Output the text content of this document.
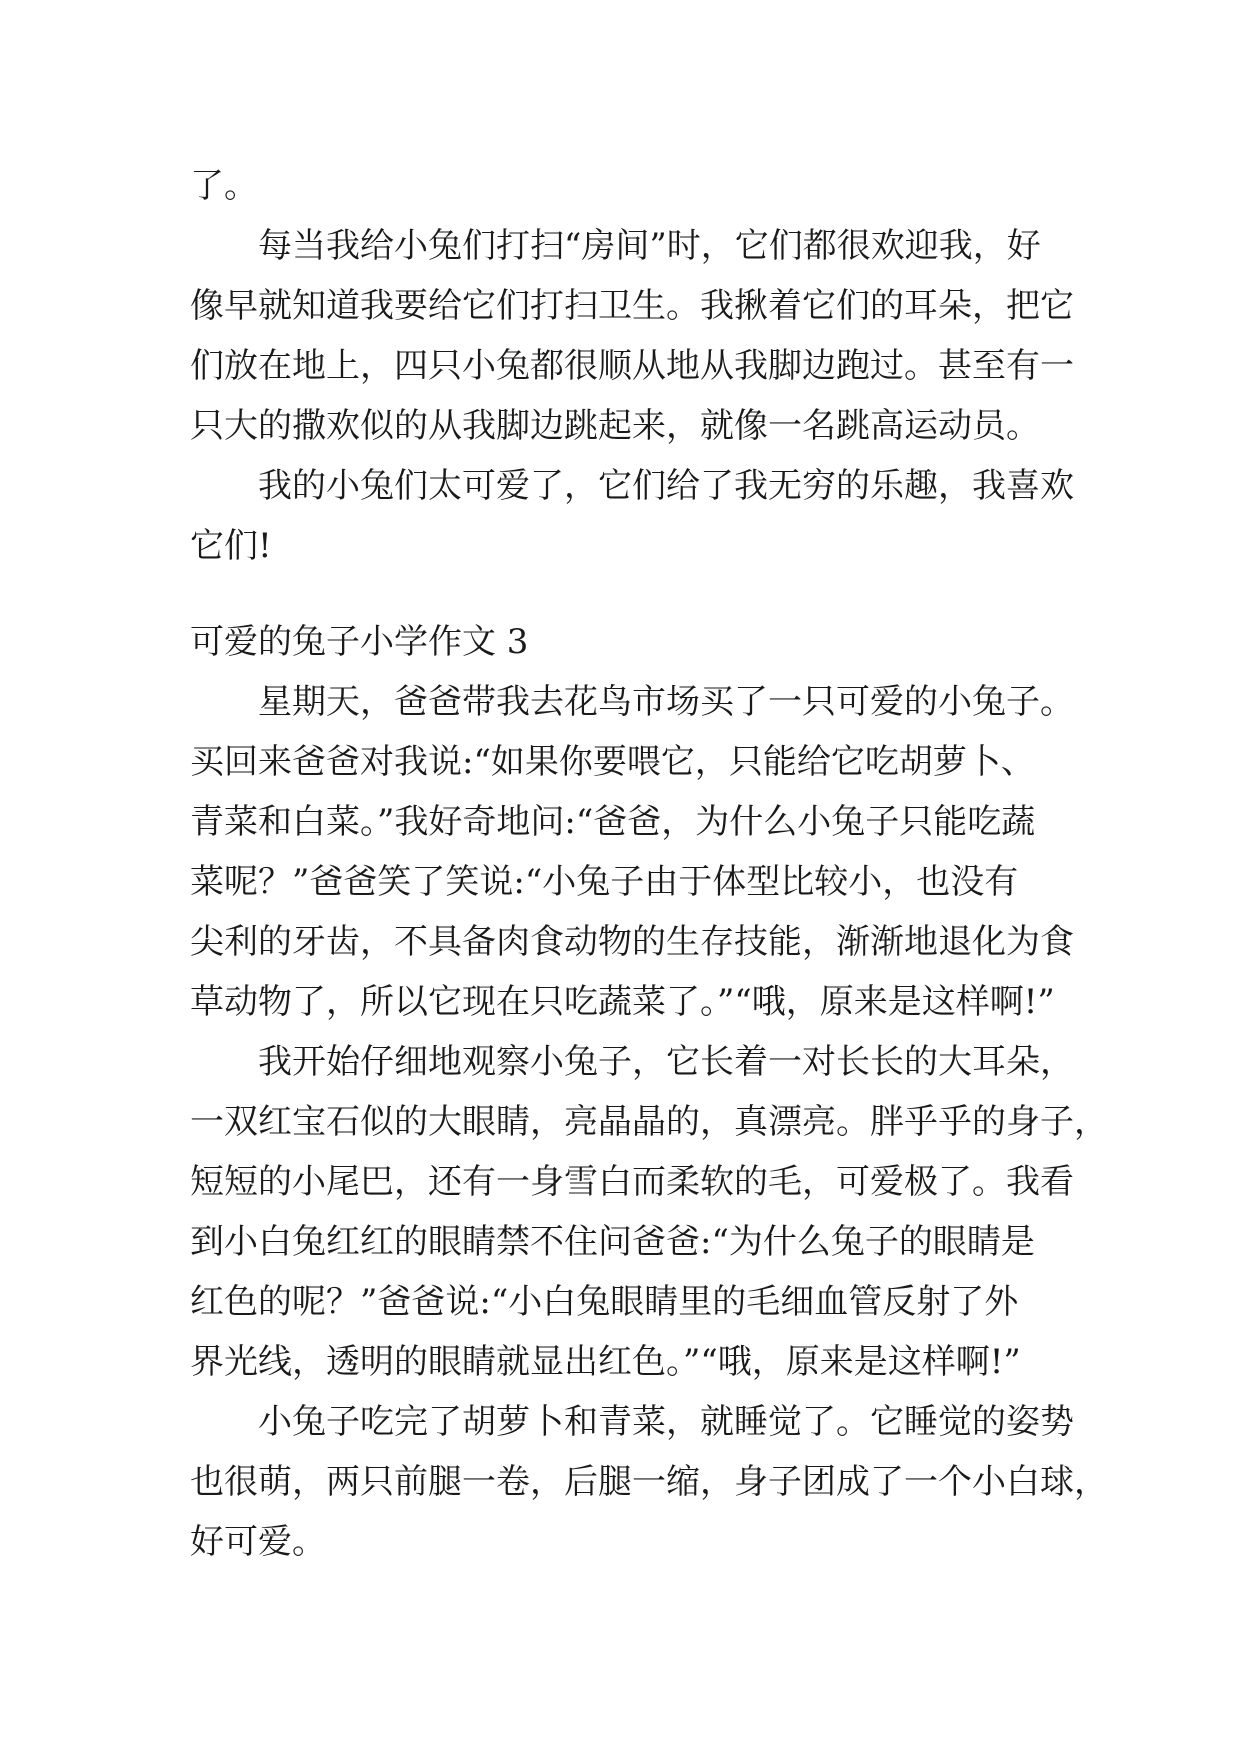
了。

每当我给小兔们打扫“房间”时，它们都很欢迎我，好

像早就知道我要给它们打扫卫生。我揪着它们的耳朵，把它

们放在地上，四只小兔都很顺从地从我脚边跑过。甚至有一

只大的撒欢似的从我脚边跳起来，就像一名跳高运动员。

我的小兔们太可爱了，它们给了我无穷的乐趣，我喜欢

它们!

可爱的兔子小学作文 3

星期天，爸爸带我去花鸟市场买了一只可爱的小兔子。

买回来爸爸对我说:“如果你要喂它，只能给它吃胡萝卜、

青菜和白菜。”我好奇地问:“爸爸，为什么小兔子只能吃蔬

菜呢？”爸爸笑了笑说:“小兔子由于体型比较小，也没有

尖利的牙齿，不具备肉食动物的生存技能，渐渐地退化为食

草动物了，所以它现在只吃蔬菜了。”“哦，原来是这样啊!”

我开始仔细地观察小兔子，它长着一对长长的大耳朵，

一双红宝石似的大眼睛，亮晶晶的，真漂亮。胖乎乎的身子，

短短的小尾巴，还有一身雪白而柔软的毛，可爱极了。我看

到小白兔红红的眼睛禁不住问爸爸:“为什么兔子的眼睛是

红色的呢？”爸爸说:“小白兔眼睛里的毛细血管反射了外

界光线，透明的眼睛就显出红色。”“哦，原来是这样啊!”

小兔子吃完了胡萝卜和青菜，就睡觉了。它睡觉的姿势

也很萌，两只前腿一卷，后腿一缩，身子团成了一个小白球，

好可爱。
